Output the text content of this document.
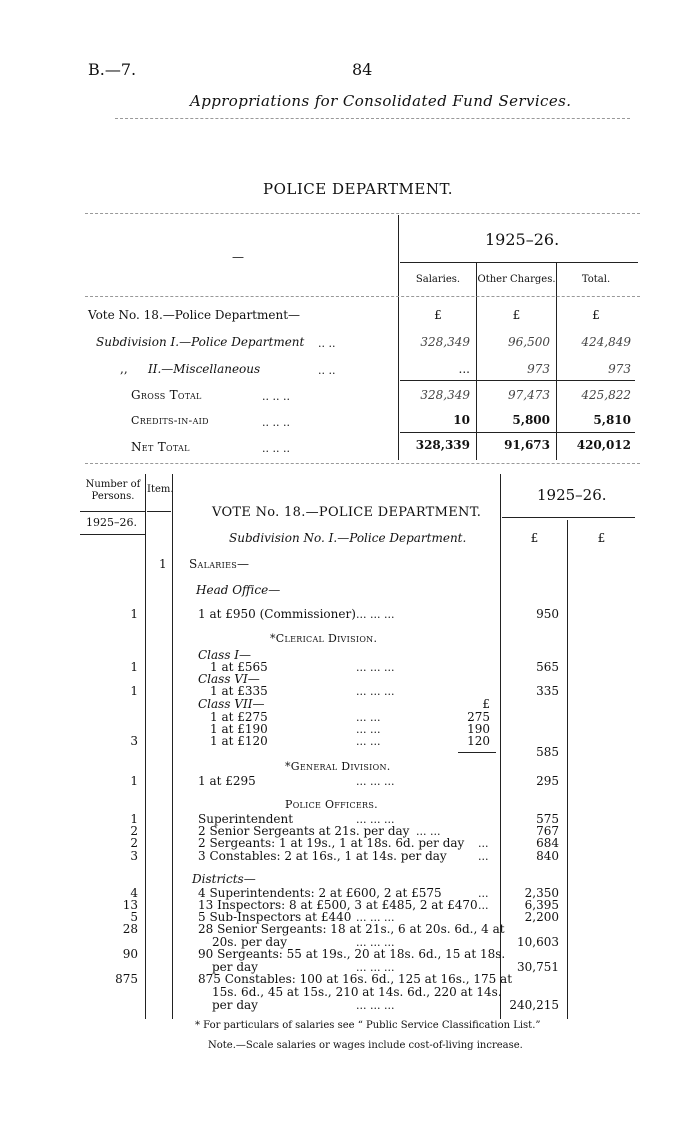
B.—7.	84
Appropriations for Consolidated Fund Services.
POLICE DEPARTMENT.
—
1925–26.
Salaries.	Other Charges.	Total.
Vote No. 18.—Police Department—	£	£	£
Subdivision I.—Police Department .. ..	328,349	96,500	424,849
,, II.—Miscellaneous	.. ..	...	973	973
Gross Total	.. .. ..	328,349	97,473	425,822
Credits-in-aid	.. .. ..	10	5,800	5,810
Net Total	.. .. ..	328,339	91,673	420,012
Number of Persons.
Item.
1925–26.
1925–26.
£	£
VOTE No. 18.—POLICE DEPARTMENT.
Subdivision No. I.—Police Department.
1 Salaries—
Head Office—
1	1 at £950 (Commissioner) ... ... ...	950
*Clerical Division.
Class I—
1	1 at £565	... ... ...	565
Class VI—
1	1 at £335	... ... ...	335
Class VII—	£
1 at £275	... ...	275
1 at £190	... ...	190
3	1 at £120	... ...	120
585
*General Division.
1	1 at £295	... ... ...	295
Police Officers.
1	Superintendent	... ... ...	575
2	2 Senior Sergeants at 21s. per day ... ...	767
2	2 Sergeants: 1 at 19s., 1 at 18s. 6d. per day ...	684
3	3 Constables: 2 at 16s., 1 at 14s. per day	...	840
Districts—
4	4 Superintendents: 2 at £600, 2 at £575	...	2,350
13	13 Inspectors: 8 at £500, 3 at £485, 2 at £470 ...	6,395
5	5 Sub-Inspectors at £440 ... ... ...	2,200
28	28 Senior Sergeants: 18 at 21s., 6 at 20s. 6d., 4 at
20s. per day	... ... ...	10,603
90	90 Sergeants: 55 at 19s., 20 at 18s. 6d., 15 at 18s.
per day	... ... ...	30,751
875	875 Constables: 100 at 16s. 6d., 125 at 16s., 175 at
15s. 6d., 45 at 15s., 210 at 14s. 6d., 220 at 14s.
per day	... ... ...	240,215
* For particulars of salaries see “ Public Service Classification List.”
Note.—Scale salaries or wages include cost-of-living increase.
